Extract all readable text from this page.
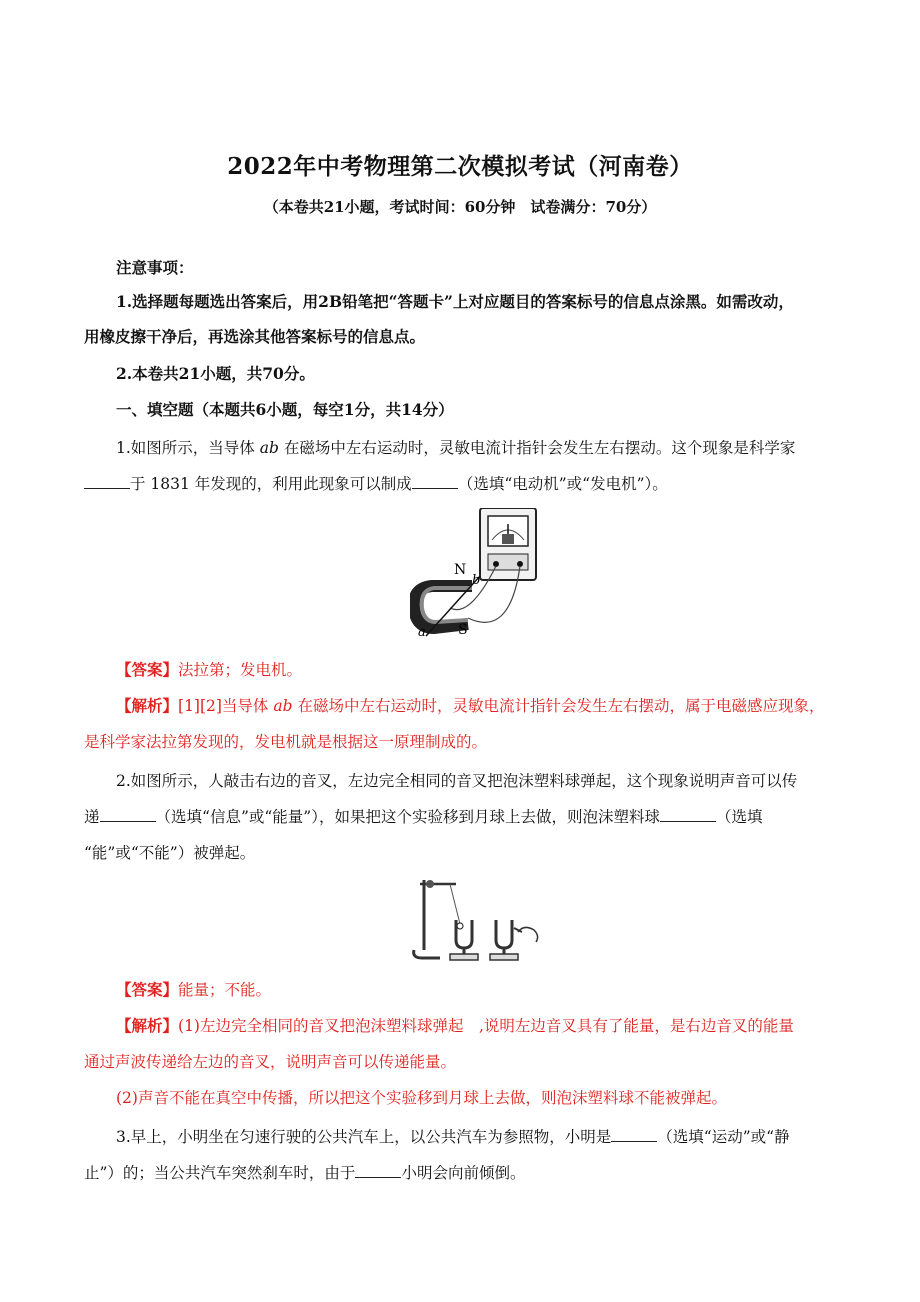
2022年中考物理第二次模拟考试（河南卷）
（本卷共21小题，考试时间：60分钟　试卷满分：70分）
注意事项：
1.选择题每题选出答案后，用2B铅笔把“答题卡”上对应题目的答案标号的信息点涂黑。如需改动，
用橡皮擦干净后，再选涂其他答案标号的信息点。
2.本卷共21小题，共70分。
一、填空题（本题共6小题，每空1分，共14分）
1.如图所示，当导体 ab 在磁场中左右运动时，灵敏电流计指针会发生左右摆动。这个现象是科学家
于 1831 年发现的，利用此现象可以制成	（选填“电动机”或“发电机”）。
N
S
a
b
【答案】法拉第；发电机。
【解析】[1][2]当导体 ab 在磁场中左右运动时，灵敏电流计指针会发生左右摆动，属于电磁感应现象，
是科学家法拉第发现的，发电机就是根据这一原理制成的。
2.如图所示，人敲击右边的音叉，左边完全相同的音叉把泡沫塑料球弹起，这个现象说明声音可以传
递	（选填“信息”或“能量”），如果把这个实验移到月球上去做，则泡沫塑料球	（选填
“能”或“不能”）被弹起。
【答案】能量；不能。
【解析】(1)左边完全相同的音叉把泡沫塑料球弹起　,说明左边音叉具有了能量，是右边音叉的能量
通过声波传递给左边的音叉，说明声音可以传递能量。
(2)声音不能在真空中传播，所以把这个实验移到月球上去做，则泡沫塑料球不能被弹起。
3.早上，小明坐在匀速行驶的公共汽车上，以公共汽车为参照物，小明是	（选填“运动”或“静
止”）的；当公共汽车突然刹车时，由于	小明会向前倾倒。
